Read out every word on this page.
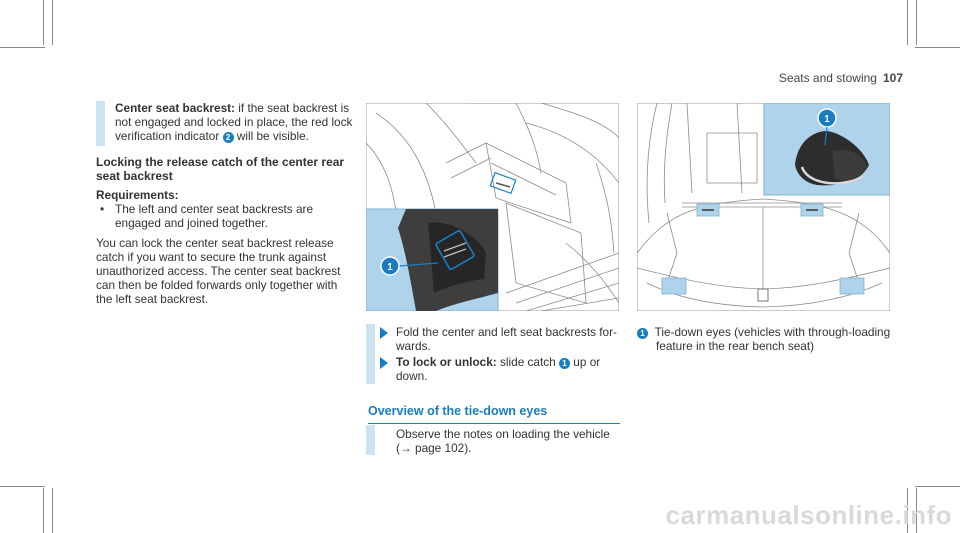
Seats and stowing 107
Center seat backrest: if the seat backrest is
not engaged and locked in place, the red lock
verification indicator 2 will be visible.
Locking the release catch of the center rear
seat backrest
Requirements:
• The left and center seat backrests are
engaged and joined together.
You can lock the center seat backrest release
catch if you want to secure the trunk against
unauthorized access. The center seat backrest
can then be folded forwards only together with
the left seat backrest.
1
Fold the center and left seat backrests for-
wards.
To lock or unlock: slide catch 1 up or
down.
Overview of the tie-down eyes
Observe the notes on loading the vehicle
(→ page 102).
1
1 Tie-down eyes (vehicles with through-loading
feature in the rear bench seat)
carmanualsonline.info
